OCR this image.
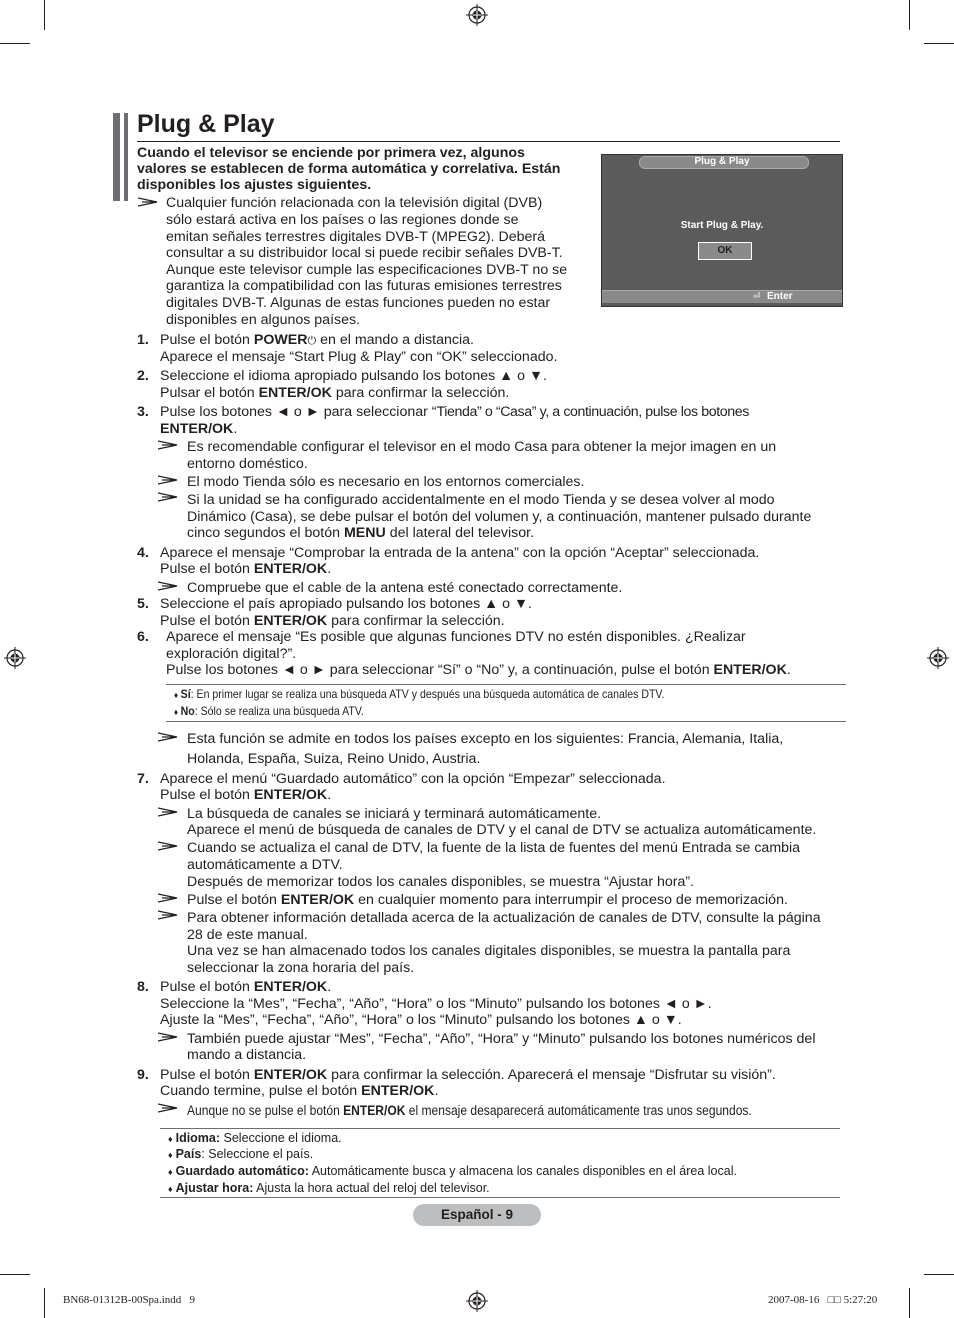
Plug & Play
Cuando el televisor se enciende por primera vez, algunos
valores se establecen de forma automática y correlativa. Están
disponibles los ajustes siguientes.
Cualquier función relacionada con la televisión digital (DVB)
sólo estará activa en los países o las regiones donde se
emitan señales terrestres digitales DVB-T (MPEG2). Deberá
consultar a su distribuidor local si puede recibir señales DVB-T.
Aunque este televisor cumple las especificaciones DVB-T no se
garantiza la compatibilidad con las futuras emisiones terrestres
digitales DVB-T. Algunas de estas funciones pueden no estar
disponibles en algunos países.
Plug & Play
Start Plug & Play.
OK
⏎ Enter
1. Pulse el botón POWER⏻ en el mando a distancia.
Aparece el mensaje “Start Plug & Play” con “OK” seleccionado.
2. Seleccione el idioma apropiado pulsando los botones ▲ o ▼.
Pulsar el botón ENTER/OK para confirmar la selección.
3. Pulse los botones ◄ o ► para seleccionar “Tienda” o “Casa” y, a continuación, pulse los botones
ENTER/OK.
Es recomendable configurar el televisor en el modo Casa para obtener la mejor imagen en un
entorno doméstico.
El modo Tienda sólo es necesario en los entornos comerciales.
Si la unidad se ha configurado accidentalmente en el modo Tienda y se desea volver al modo
Dinámico (Casa), se debe pulsar el botón del volumen y, a continuación, mantener pulsado durante
cinco segundos el botón MENU del lateral del televisor.
4. Aparece el mensaje “Comprobar la entrada de la antena” con la opción “Aceptar” seleccionada.
Pulse el botón ENTER/OK.
Compruebe que el cable de la antena esté conectado correctamente.
5. Seleccione el país apropiado pulsando los botones ▲ o ▼.
Pulse el botón ENTER/OK para confirmar la selección.
6. Aparece el mensaje “Es posible que algunas funciones DTV no estén disponibles. ¿Realizar
exploración digital?”.
Pulse los botones ◄ o ► para seleccionar “Sí” o “No” y, a continuación, pulse el botón ENTER/OK.
♦ Sí: En primer lugar se realiza una búsqueda ATV y después una búsqueda automática de canales DTV.
♦ No: Sólo se realiza una búsqueda ATV.
Esta función se admite en todos los países excepto en los siguientes: Francia, Alemania, Italia,
Holanda, España, Suiza, Reino Unido, Austria.
7. Aparece el menú “Guardado automático” con la opción “Empezar” seleccionada.
Pulse el botón ENTER/OK.
La búsqueda de canales se iniciará y terminará automáticamente.
Aparece el menú de búsqueda de canales de DTV y el canal de DTV se actualiza automáticamente.
Cuando se actualiza el canal de DTV, la fuente de la lista de fuentes del menú Entrada se cambia
automáticamente a DTV.
Después de memorizar todos los canales disponibles, se muestra “Ajustar hora”.
Pulse el botón ENTER/OK en cualquier momento para interrumpir el proceso de memorización.
Para obtener información detallada acerca de la actualización de canales de DTV, consulte la página
28 de este manual.
Una vez se han almacenado todos los canales digitales disponibles, se muestra la pantalla para
seleccionar la zona horaria del país.
8. Pulse el botón ENTER/OK.
Seleccione la “Mes”, “Fecha”, “Año”, “Hora” o los “Minuto” pulsando los botones ◄ o ►.
Ajuste la “Mes”, “Fecha”, “Año”, “Hora” o los “Minuto” pulsando los botones ▲ o ▼.
También puede ajustar “Mes”, “Fecha”, “Año”, “Hora” y “Minuto” pulsando los botones numéricos del
mando a distancia.
9. Pulse el botón ENTER/OK para confirmar la selección. Aparecerá el mensaje “Disfrutar su visión”.
Cuando termine, pulse el botón ENTER/OK.
Aunque no se pulse el botón ENTER/OK el mensaje desaparecerá automáticamente tras unos segundos.
♦ Idioma: Seleccione el idioma.
♦ País: Seleccione el país.
♦ Guardado automático: Automáticamente busca y almacena los canales disponibles en el área local.
♦ Ajustar hora: Ajusta la hora actual del reloj del televisor.
Español - 9
BN68-01312B-00Spa.indd   9	2007-08-16   □□ 5:27:20
